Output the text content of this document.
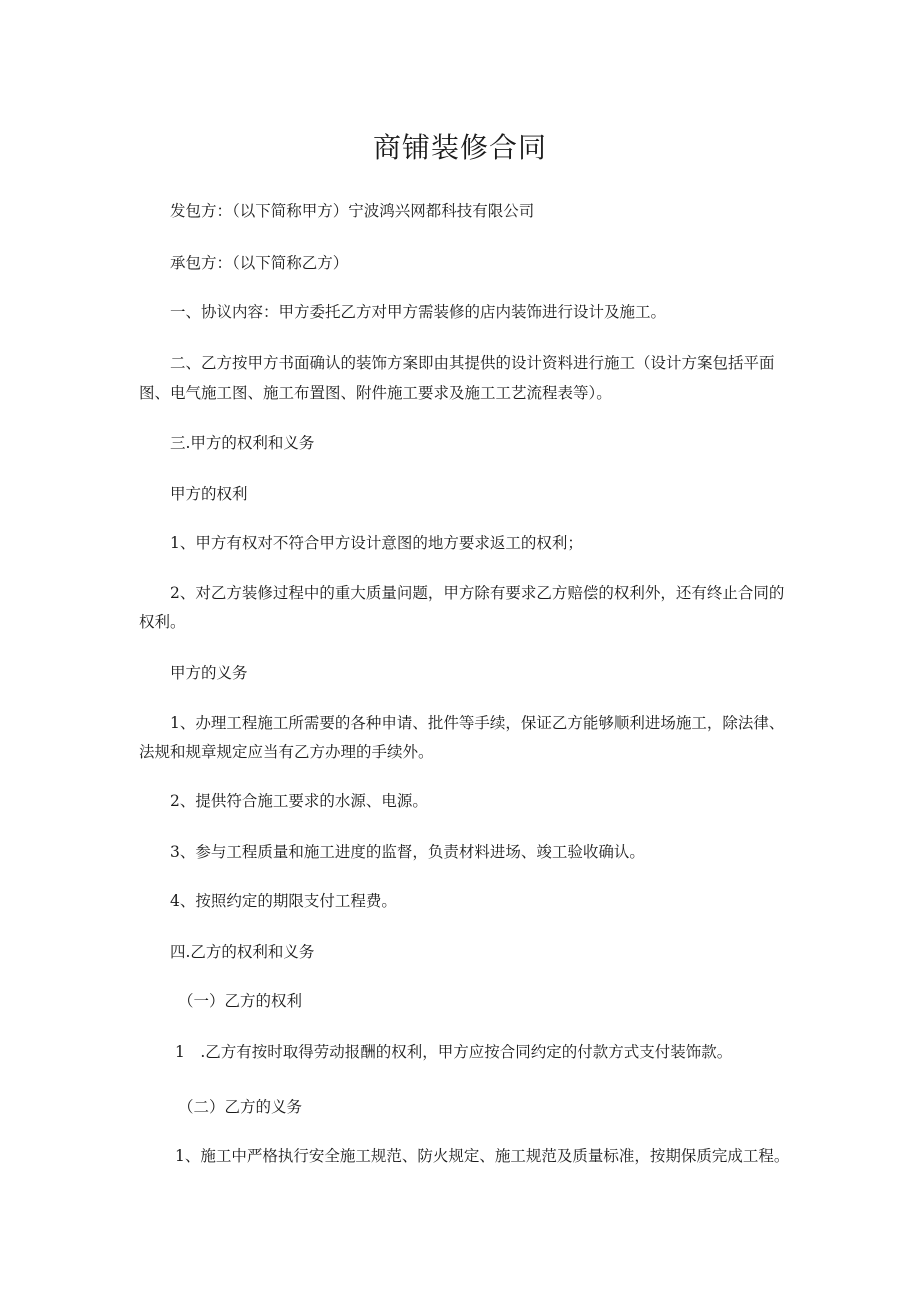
商铺装修合同
发包方：（以下简称甲方）宁波鸿兴网都科技有限公司
承包方：（以下简称乙方）
一、协议内容：甲方委托乙方对甲方需装修的店内装饰进行设计及施工。
二、乙方按甲方书面确认的装饰方案即由其提供的设计资料进行施工（设计方案包括平面
图、电气施工图、施工布置图、附件施工要求及施工工艺流程表等）。
三.甲方的权利和义务
甲方的权利
1、甲方有权对不符合甲方设计意图的地方要求返工的权利；
2、对乙方装修过程中的重大质量问题，甲方除有要求乙方赔偿的权利外，还有终止合同的
权利。
甲方的义务
1、办理工程施工所需要的各种申请、批件等手续，保证乙方能够顺利进场施工，除法律、
法规和规章规定应当有乙方办理的手续外。
2、提供符合施工要求的水源、电源。
3、参与工程质量和施工进度的监督，负责材料进场、竣工验收确认。
4、按照约定的期限支付工程费。
四.乙方的权利和义务
（一）乙方的权利
1　.乙方有按时取得劳动报酬的权利，甲方应按合同约定的付款方式支付装饰款。
（二）乙方的义务
1、施工中严格执行安全施工规范、防火规定、施工规范及质量标准，按期保质完成工程。
